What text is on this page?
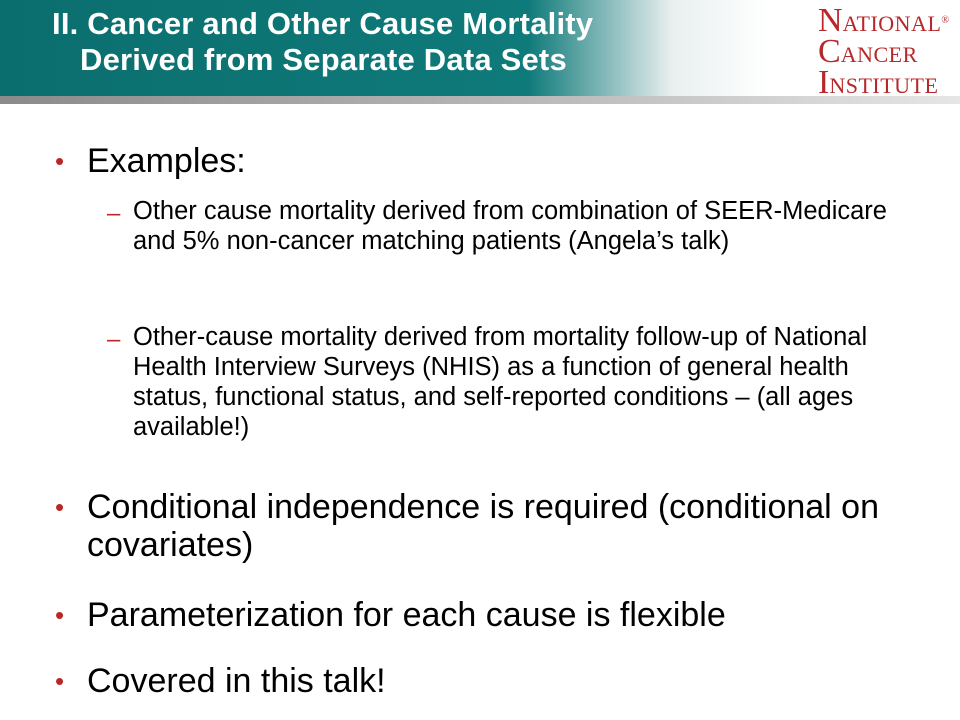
II. Cancer and Other Cause Mortality
Derived from Separate Data Sets
NATIONAL®
CANCER
INSTITUTE
• Examples:
– Other cause mortality derived from combination of SEER-Medicare and 5% non-cancer matching patients (Angela’s talk)
– Other-cause mortality derived from mortality follow-up of National Health Interview Surveys (NHIS) as a function of general health status, functional status, and self-reported conditions – (all ages available!)
• Conditional independence is required (conditional on covariates)
• Parameterization for each cause is flexible
• Covered in this talk!
